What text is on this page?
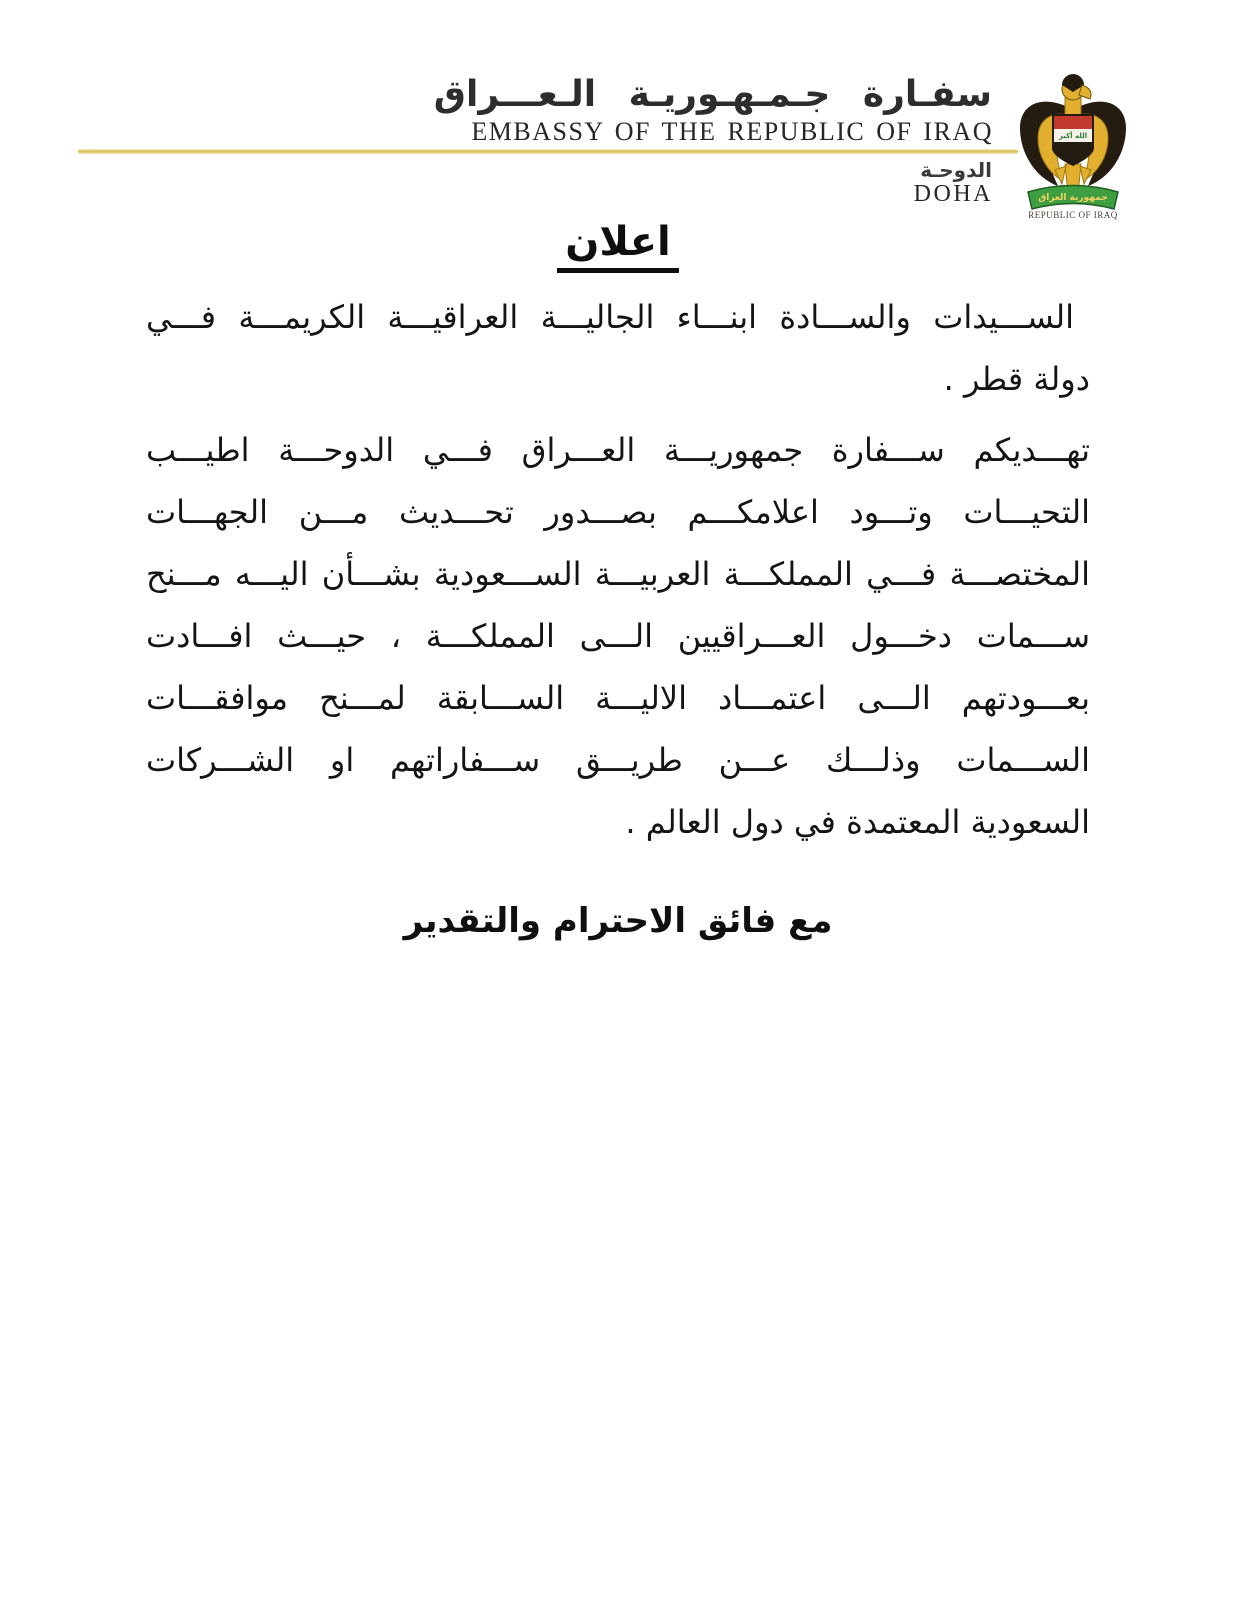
سفـارة جـمـهـوريـة الـعـــراق
EMBASSY OF THE REPUBLIC OF IRAQ
الدوحـة
DOHA
الله أكبر
جمهورية العراق
REPUBLIC OF IRAQ
اعلان
الســـيدات والســـادة ابنـــاء الجاليـــة العراقيـــة الكريمـــة فـــي
دولة قطر .
تهـــديكم ســـفارة جمهوريـــة العـــراق فـــي الدوحـــة اطيـــب
التحيـــات وتـــود اعلامكـــم بصـــدور تحـــديث مـــن الجهـــات
المختصـــة فـــي المملكـــة العربيـــة الســـعودية بشـــأن اليـــه مـــنح
ســـمات دخـــول العـــراقيين الـــى المملكـــة ، حيـــث افـــادت
بعـــودتهم الـــى اعتمـــاد الاليـــة الســـابقة لمـــنح موافقـــات
الســـمات وذلـــك عـــن طريـــق ســـفاراتهم او الشـــركات
السعودية المعتمدة في دول العالم .
مع فائق الاحترام والتقدير
